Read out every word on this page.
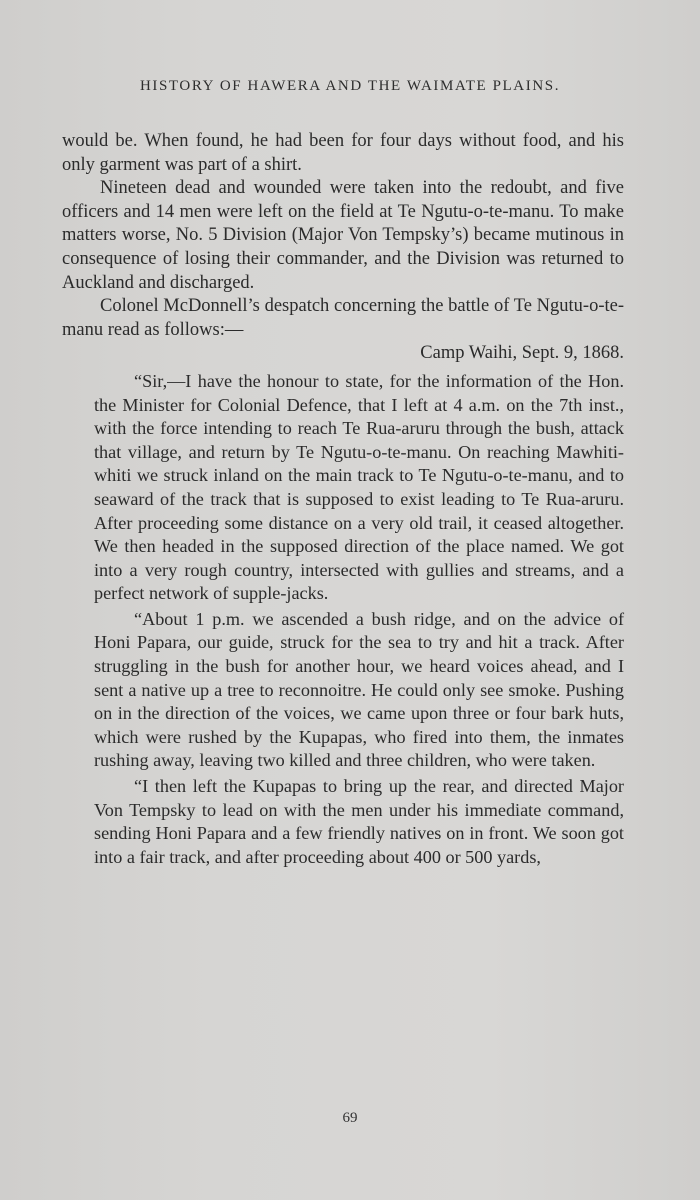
HISTORY OF HAWERA AND THE WAIMATE PLAINS.

would be. When found, he had been for four days without food, and his only garment was part of a shirt.

Nineteen dead and wounded were taken into the redoubt, and five officers and 14 men were left on the field at Te Ngutu-o-te-manu. To make matters worse, No. 5 Division (Major Von Tempsky’s) became mutinous in consequence of losing their commander, and the Division was returned to Auckland and discharged.

Colonel McDonnell’s despatch concerning the battle of Te Ngutu-o-te-manu read as follows:—

Camp Waihi, Sept. 9, 1868.

“Sir,—I have the honour to state, for the information of the Hon. the Minister for Colonial Defence, that I left at 4 a.m. on the 7th inst., with the force intending to reach Te Rua-aruru through the bush, attack that village, and return by Te Ngutu-o-te-manu. On reaching Mawhiti-whiti we struck inland on the main track to Te Ngutu-o-te-manu, and to seaward of the track that is supposed to exist leading to Te Rua-aruru. After proceeding some distance on a very old trail, it ceased altogether. We then headed in the supposed direction of the place named. We got into a very rough country, intersected with gullies and streams, and a perfect network of supple-jacks.

“About 1 p.m. we ascended a bush ridge, and on the advice of Honi Papara, our guide, struck for the sea to try and hit a track. After struggling in the bush for another hour, we heard voices ahead, and I sent a native up a tree to reconnoitre. He could only see smoke. Pushing on in the direction of the voices, we came upon three or four bark huts, which were rushed by the Kupapas, who fired into them, the inmates rushing away, leaving two killed and three children, who were taken.

“I then left the Kupapas to bring up the rear, and directed Major Von Tempsky to lead on with the men under his immediate command, sending Honi Papara and a few friendly natives on in front. We soon got into a fair track, and after proceeding about 400 or 500 yards,

69
